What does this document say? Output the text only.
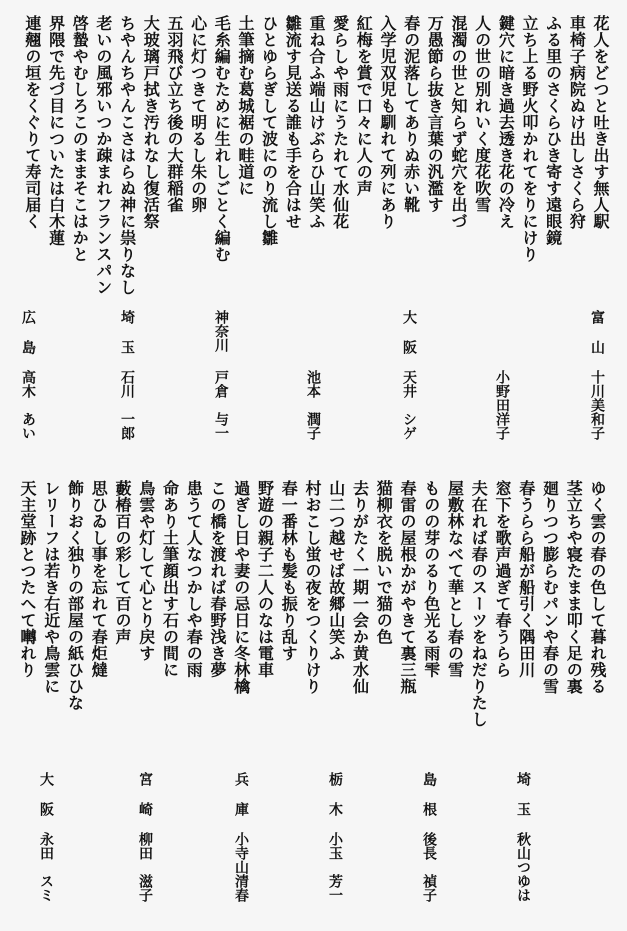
花人をどつと吐き出す無人駅
車椅子病院ぬけ出しさくら狩
ふる里のさくらひき寄す遠眼鏡
立ち上る野火叩かれてをりにけり
鍵穴に暗き過去透き花の冷え
人の世の別れいく度花吹雪
混濁の世と知らず蛇穴を出づ
万愚節ら抜き言葉の汎濫す
春の泥落してありぬ赤い靴
入学児双児も馴れて列にあり
紅梅を賞で口々に人の声
愛らしや雨にうたれて水仙花
重ね合ふ端山けぶらひ山笑ふ
雛流す見送る誰も手を合はせ
ひとゆらぎして波にのり流し雛
土筆摘む葛城裾の畦道に
毛糸編むために生れしごとく編む
心に灯つきて明るし朱の卵
五羽飛び立ち後の大群稲雀
大玻璃戸拭き汚れなし復活祭
ちやんちやんこさはらぬ神に祟りなし
老いの風邪いつか疎まれフランスパン
啓蟄やむしろこのままそこはかと
界隈で先づ目についたは白木蓮
連翹の垣をくぐりて寿司届く
ゆく雲の春の色して暮れ残る
茎立ちや寝たまま叩く足の裏
廻りつつ膨らむパンや春の雪
春うらら船が船引く隅田川
窓下を歌声過ぎて春うらら
夫在れば春のスーツをねだりたし
屋敷林なべて華とし春の雪
ものの芽のるり色光る雨雫
春雷の屋根かがやきて裏三瓶
猫柳衣を脱いで猫の色
去りがたく一期一会か黄水仙
山二つ越せば故郷山笑ふ
村おこし蛍の夜をつくりけり
春一番林も髪も振り乱す
野遊の親子二人のなは電車
過ぎし日や妻の忌日に冬林檎
この橋を渡れば春野浅き夢
患うて人なつかしや春の雨
命あり土筆顔出す石の間に
鳥雲や灯して心とり戻す
藪椿百の彩して百の声
思ひゐし事を忘れて春炬燵
飾りおく独りの部屋の紙ひひな
レリーフは若き右近や鳥雲に
天主堂跡とつたへて囀れり
富山
十川美和子
小野田洋子
大阪
天井　シゲ
池本　潤子
神奈川
戸倉　与一
埼玉
石川　一郎
広島
高木　あい
埼玉
秋山つゆは
島根
後長　禎子
栃木
小玉　芳一
兵庫
小寺山清春
宮崎
柳田　滋子
大阪
永田　スミ
